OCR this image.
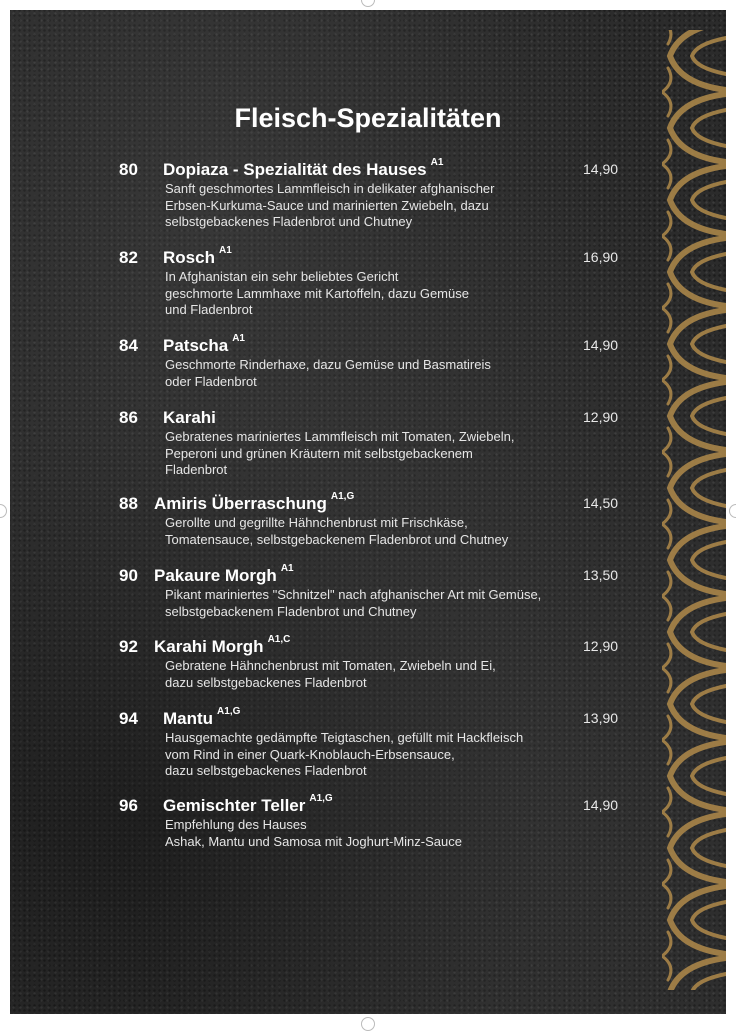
Fleisch-Spezialitäten
80 Dopiaza - Spezialität des Hauses $^{A1}$	14,90
Sanft geschmortes Lammfleisch in delikater afghanischer
Erbsen-Kurkuma-Sauce und marinierten Zwiebeln, dazu
selbstgebackenes Fladenbrot und Chutney
82 Rosch $^{A1}$	16,90
In Afghanistan ein sehr beliebtes Gericht
geschmorte Lammhaxe mit Kartoffeln, dazu Gemüse
und Fladenbrot
84 Patscha $^{A1}$	14,90
Geschmorte Rinderhaxe, dazu Gemüse und Basmatireis
oder Fladenbrot
86 Karahi	12,90
Gebratenes mariniertes Lammfleisch mit Tomaten, Zwiebeln,
Peperoni und grünen Kräutern mit selbstgebackenem
Fladenbrot
88 Amiris Überraschung $^{A1,G}$	14,50
Gerollte und gegrillte Hähnchenbrust mit Frischkäse,
Tomatensauce, selbstgebackenem Fladenbrot und Chutney
90 Pakaure Morgh $^{A1}$	13,50
Pikant mariniertes "Schnitzel" nach afghanischer Art mit Gemüse,
selbstgebackenem Fladenbrot und Chutney
92 Karahi Morgh $^{A1,C}$	12,90
Gebratene Hähnchenbrust mit Tomaten, Zwiebeln und Ei,
dazu selbstgebackenes Fladenbrot
94 Mantu $^{A1,G}$	13,90
Hausgemachte gedämpfte Teigtaschen, gefüllt mit Hackfleisch
vom Rind in einer Quark-Knoblauch-Erbsensauce,
dazu selbstgebackenes Fladenbrot
96 Gemischter Teller $^{A1,G}$	14,90
Empfehlung des Hauses
Ashak, Mantu und Samosa mit Joghurt-Minz-Sauce
